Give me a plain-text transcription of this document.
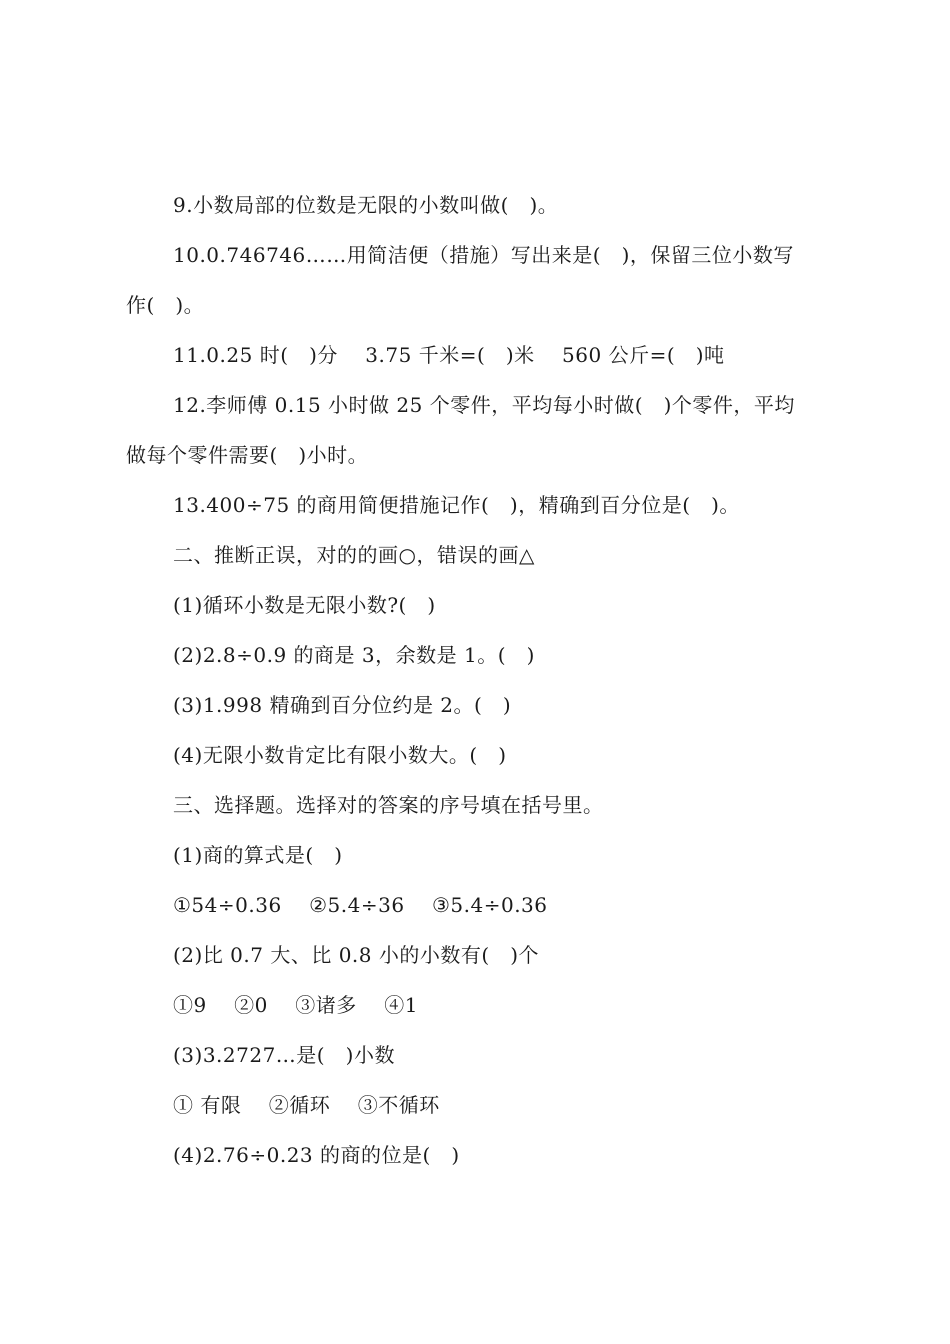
9.小数局部的位数是无限的小数叫做(   )。
10.0.746746……用简洁便（措施）写出来是(   )，保留三位小数写
作(   )。
11.0.25 时(   )分    3.75 千米=(   )米    560 公斤=(   )吨
12.李师傅 0.15 小时做 25 个零件，平均每小时做(   )个零件，平均
做每个零件需要(   )小时。
13.400÷75 的商用简便措施记作(   )，精确到百分位是(   )。
二、推断正误，对的的画○，错误的画△
(1)循环小数是无限小数?(   )
(2)2.8÷0.9 的商是 3，余数是 1。(   )
(3)1.998 精确到百分位约是 2。(   )
(4)无限小数肯定比有限小数大。(   )
三、选择题。选择对的答案的序号填在括号里。
(1)商的算式是(   )
①54÷0.36    ②5.4÷36    ③5.4÷0.36
(2)比 0.7 大、比 0.8 小的小数有(   )个
①9    ②0    ③诸多    ④1
(3)3.2727…是(   )小数
① 有限    ②循环    ③不循环
(4)2.76÷0.23 的商的位是(   )
